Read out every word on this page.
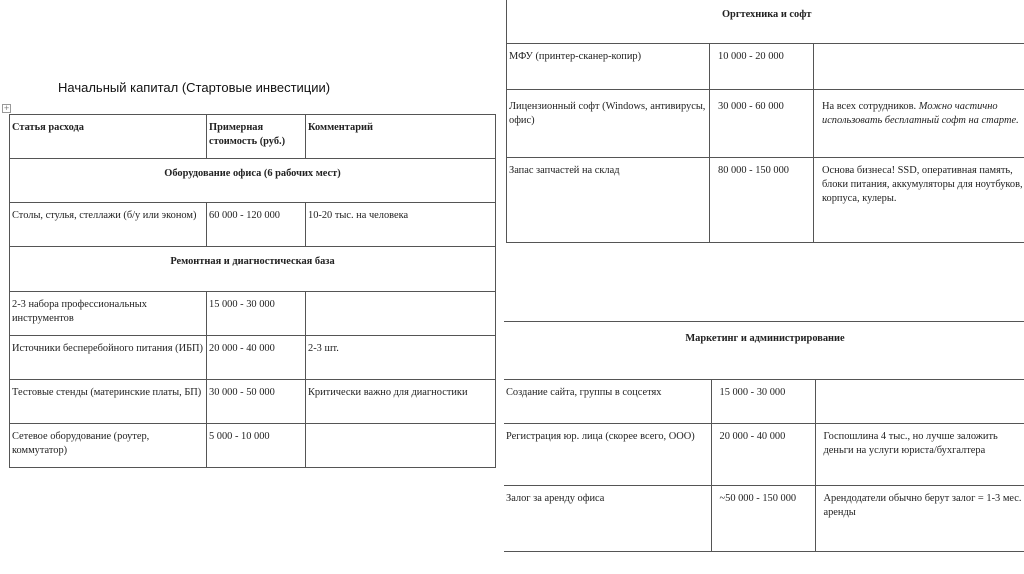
Начальный капитал (Стартовые инвестиции)
+
Статья расхода	Примерная стоимость (руб.)	Комментарий
Оборудование офиса (6 рабочих мест)		
Столы, стулья, стеллажи (б/у или эконом)	60 000 - 120 000	10-20 тыс. на человека
Ремонтная и диагностическая база		
2-3 набора профессиональных инструментов	15 000 - 30 000	
Источники бесперебойного питания (ИБП)	20 000 - 40 000	2-3 шт.
Тестовые стенды (материнские платы, БП)	30 000 - 50 000	Критически важно для диагностики
Сетевое оборудование (роутер, коммутатор)	5 000 - 10 000	
Оргтехника и софт		
МФУ (принтер-сканер-копир)	10 000 - 20 000	
Лицензионный софт (Windows, антивирусы, офис)	30 000 - 60 000	На всех сотрудников. Можно частично использовать бесплатный софт на старте.
Запас запчастей на склад	80 000 - 150 000	Основа бизнеса! SSD, оперативная память, блоки питания, аккумуляторы для ноутбуков, корпуса, кулеры.
Маркетинг и администрирование		
Создание сайта, группы в соцсетях	15 000 - 30 000	
Регистрация юр. лица (скорее всего, ООО)	20 000 - 40 000	Госпошлина 4 тыс., но лучше заложить деньги на услуги юриста/бухгалтера
Залог за аренду офиса	~50 000 - 150 000	Арендодатели обычно берут залог = 1-3 мес. аренды
